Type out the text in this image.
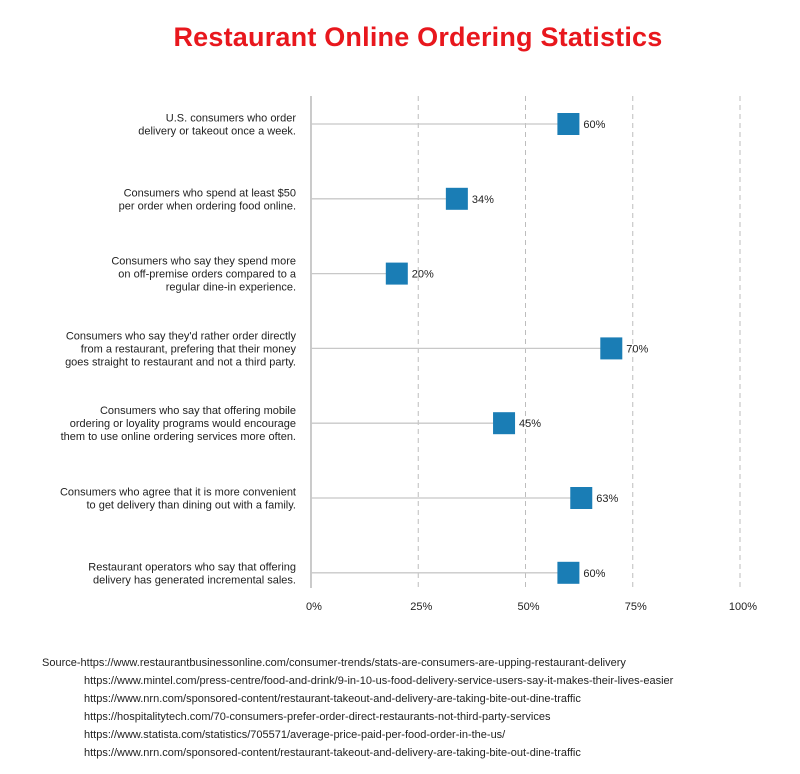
Restaurant Online Ordering Statistics
0%	25%	50%	75%	100%
60%
U.S. consumers who order delivery or takeout once a week.
34%
Consumers who spend at least $50 per order when ordering food online.
20%
Consumers who say they spend more on off-premise orders compared to a regular dine-in experience.
70%
Consumers who say they'd rather order directly from a restaurant, prefering that their money goes straight to restaurant and not a third party.
45%
Consumers who say that offering mobile ordering or loyality programs would encourage them to use online ordering services more often.
63%
Consumers who agree that it is more convenient to get delivery than dining out with a family.
60%
Restaurant operators who say that offering delivery has generated incremental sales.
Source-https://www.restaurantbusinessonline.com/consumer-trends/stats-are-consumers-are-upping-restaurant-delivery
https://www.mintel.com/press-centre/food-and-drink/9-in-10-us-food-delivery-service-users-say-it-makes-their-lives-easier
https://www.nrn.com/sponsored-content/restaurant-takeout-and-delivery-are-taking-bite-out-dine-traffic
https://hospitalitytech.com/70-consumers-prefer-order-direct-restaurants-not-third-party-services
https://www.statista.com/statistics/705571/average-price-paid-per-food-order-in-the-us/
https://www.nrn.com/sponsored-content/restaurant-takeout-and-delivery-are-taking-bite-out-dine-traffic
